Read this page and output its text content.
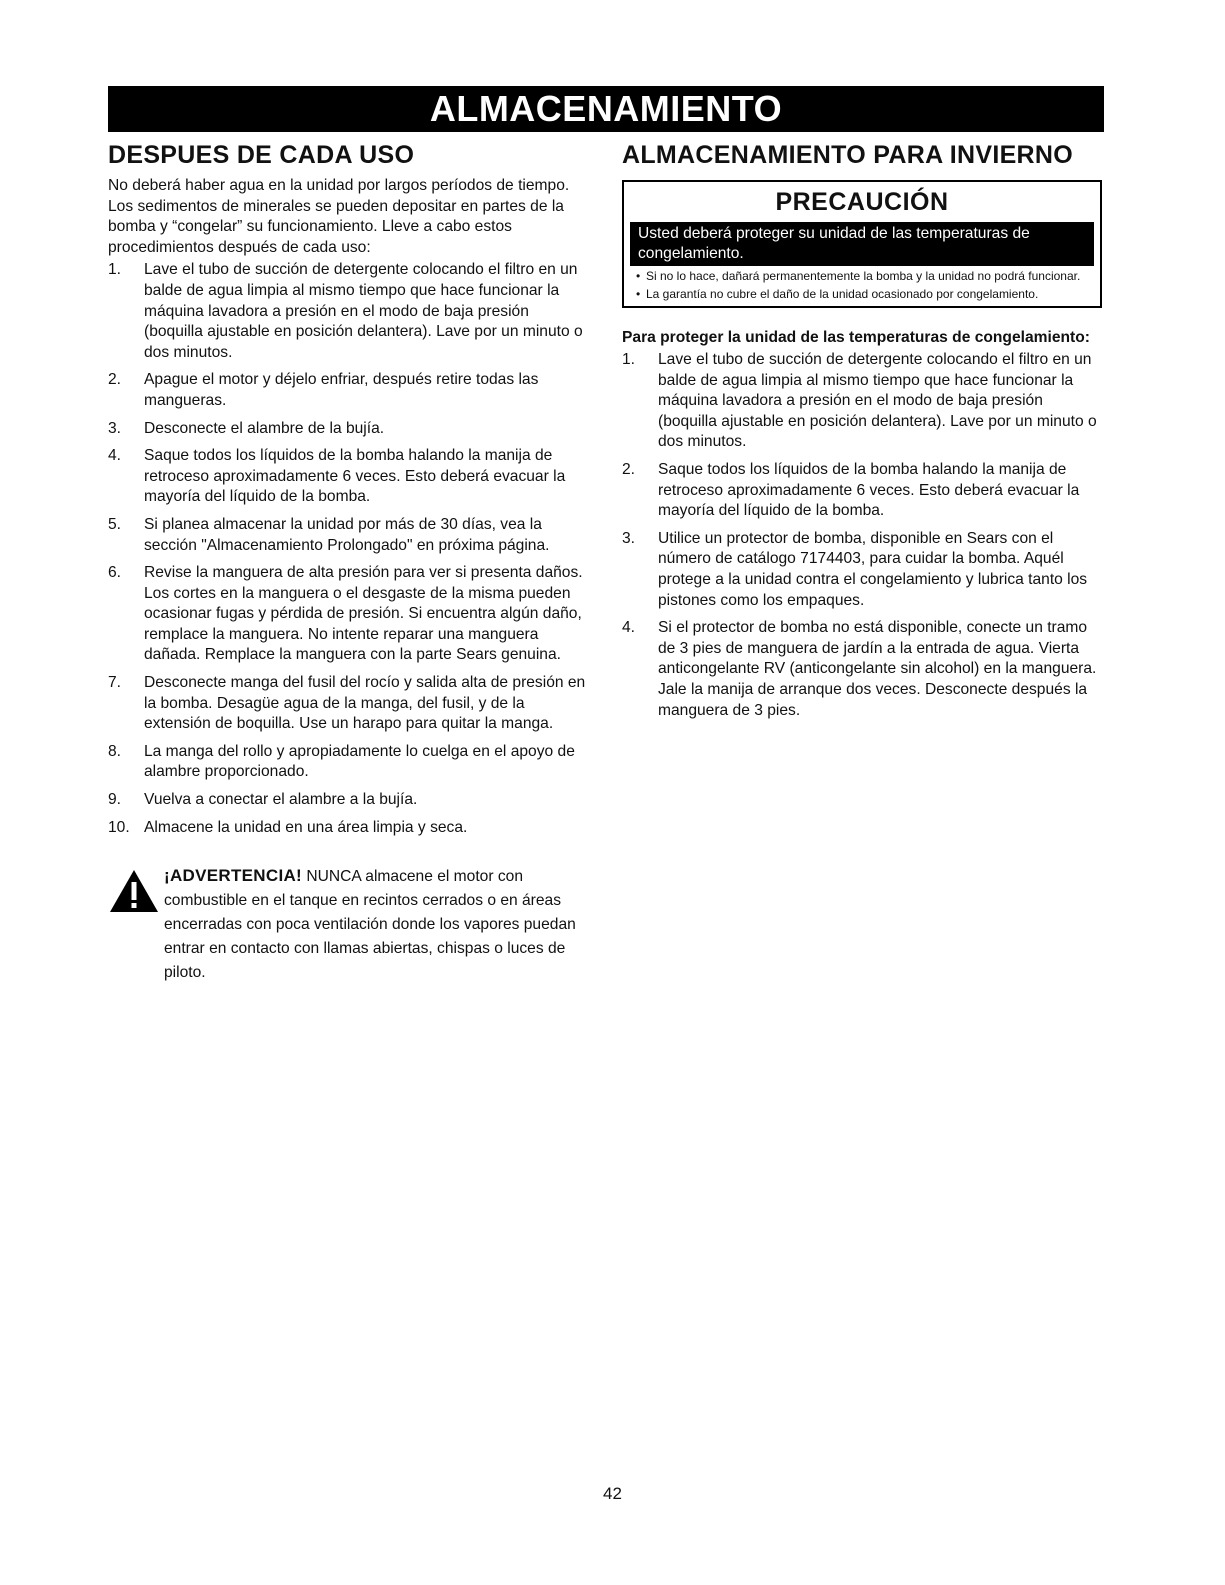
ALMACENAMIENTO
DESPUES DE CADA USO

No deberá haber agua en la unidad por largos períodos de tiempo. Los sedimentos de minerales se pueden depositar en partes de la bomba y “congelar” su funcionamiento. Lleve a cabo estos procedimientos después de cada uso:

1.	Lave el tubo de succión de detergente colocando el filtro en un balde de agua limpia al mismo tiempo que hace funcionar la máquina lavadora a presión en el modo de baja presión (boquilla ajustable en posición delantera). Lave por un minuto o dos minutos.
2.	Apague el motor y déjelo enfriar, después retire todas las mangueras.
3.	Desconecte el alambre de la bujía.
4.	Saque todos los líquidos de la bomba halando la manija de retroceso aproximadamente 6 veces. Esto deberá evacuar la mayoría del líquido de la bomba.
5.	Si planea almacenar la unidad por más de 30 días, vea la sección "Almacenamiento Prolongado" en próxima página.
6.	Revise la manguera de alta presión para ver si presenta daños. Los cortes en la manguera o el desgaste de la misma pueden ocasionar fugas y pérdida de presión. Si encuentra algún daño, remplace la manguera. No intente reparar una manguera dañada. Remplace la manguera con la parte Sears genuina.
7.	Desconecte manga del fusil del rocío y salida alta de presión en la bomba. Desagüe agua de la manga, del fusil, y de la extensión de boquilla. Use un harapo para quitar la manga.
8.	La manga del rollo y apropiadamente lo cuelga en el apoyo de alambre proporcionado.
9.	Vuelva a conectar el alambre a la bujía.
10. Almacene la unidad en una área limpia y seca.
¡ADVERTENCIA! NUNCA almacene el motor con combustible en el tanque en recintos cerrados o en áreas encerradas con poca ventilación donde los vapores puedan entrar en contacto con llamas abiertas, chispas o luces de piloto.
ALMACENAMIENTO PARA INVIERNO
PRECAUCIÓN
Usted deberá proteger su unidad de las temperaturas de congelamiento.
• Si no lo hace, dañará permanentemente la bomba y la unidad no podrá funcionar.
• La garantía no cubre el daño de la unidad ocasionado por congelamiento.
Para proteger la unidad de las temperaturas de congelamiento:
1.	Lave el tubo de succión de detergente colocando el filtro en un balde de agua limpia al mismo tiempo que hace funcionar la máquina lavadora a presión en el modo de baja presión (boquilla ajustable en posición delantera). Lave por un minuto o dos minutos.
2.	Saque todos los líquidos de la bomba halando la manija de retroceso aproximadamente 6 veces. Esto deberá evacuar la mayoría del líquido de la bomba.
3.	Utilice un protector de bomba, disponible en Sears con el número de catálogo 7174403, para cuidar la bomba. Aquél protege a la unidad contra el congelamiento y lubrica tanto los pistones como los empaques.
4.	Si el protector de bomba no está disponible, conecte un tramo de 3 pies de manguera de jardín a la entrada de agua. Vierta anticongelante RV (anticongelante sin alcohol) en la manguera. Jale la manija de arranque dos veces. Desconecte después la manguera de 3 pies.
42
